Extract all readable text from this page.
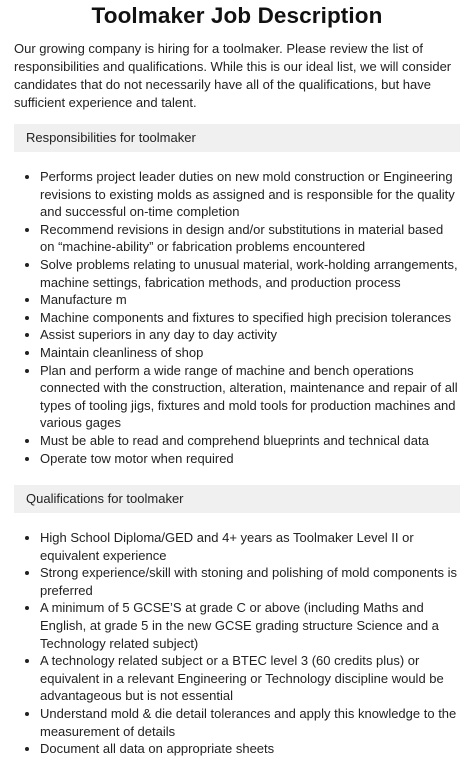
Toolmaker Job Description

Our growing company is hiring for a toolmaker. Please review the list of responsibilities and qualifications. While this is our ideal list, we will consider candidates that do not necessarily have all of the qualifications, but have sufficient experience and talent.

Responsibilities for toolmaker
• Performs project leader duties on new mold construction or Engineering revisions to existing molds as assigned and is responsible for the quality and successful on-time completion
• Recommend revisions in design and/or substitutions in material based on “machine-ability” or fabrication problems encountered
• Solve problems relating to unusual material, work-holding arrangements, machine settings, fabrication methods, and production process
• Manufacture m
• Machine components and fixtures to specified high precision tolerances
• Assist superiors in any day to day activity
• Maintain cleanliness of shop
• Plan and perform a wide range of machine and bench operations connected with the construction, alteration, maintenance and repair of all types of tooling jigs, fixtures and mold tools for production machines and various gages
• Must be able to read and comprehend blueprints and technical data
• Operate tow motor when required
Qualifications for toolmaker
• High School Diploma/GED and 4+ years as Toolmaker Level II or equivalent experience
• Strong experience/skill with stoning and polishing of mold components is preferred
• A minimum of 5 GCSE’S at grade C or above (including Maths and English, at grade 5 in the new GCSE grading structure Science and a Technology related subject)
• A technology related subject or a BTEC level 3 (60 credits plus) or equivalent in a relevant Engineering or Technology discipline would be advantageous but is not essential
• Understand mold & die detail tolerances and apply this knowledge to the measurement of details
• Document all data on appropriate sheets
